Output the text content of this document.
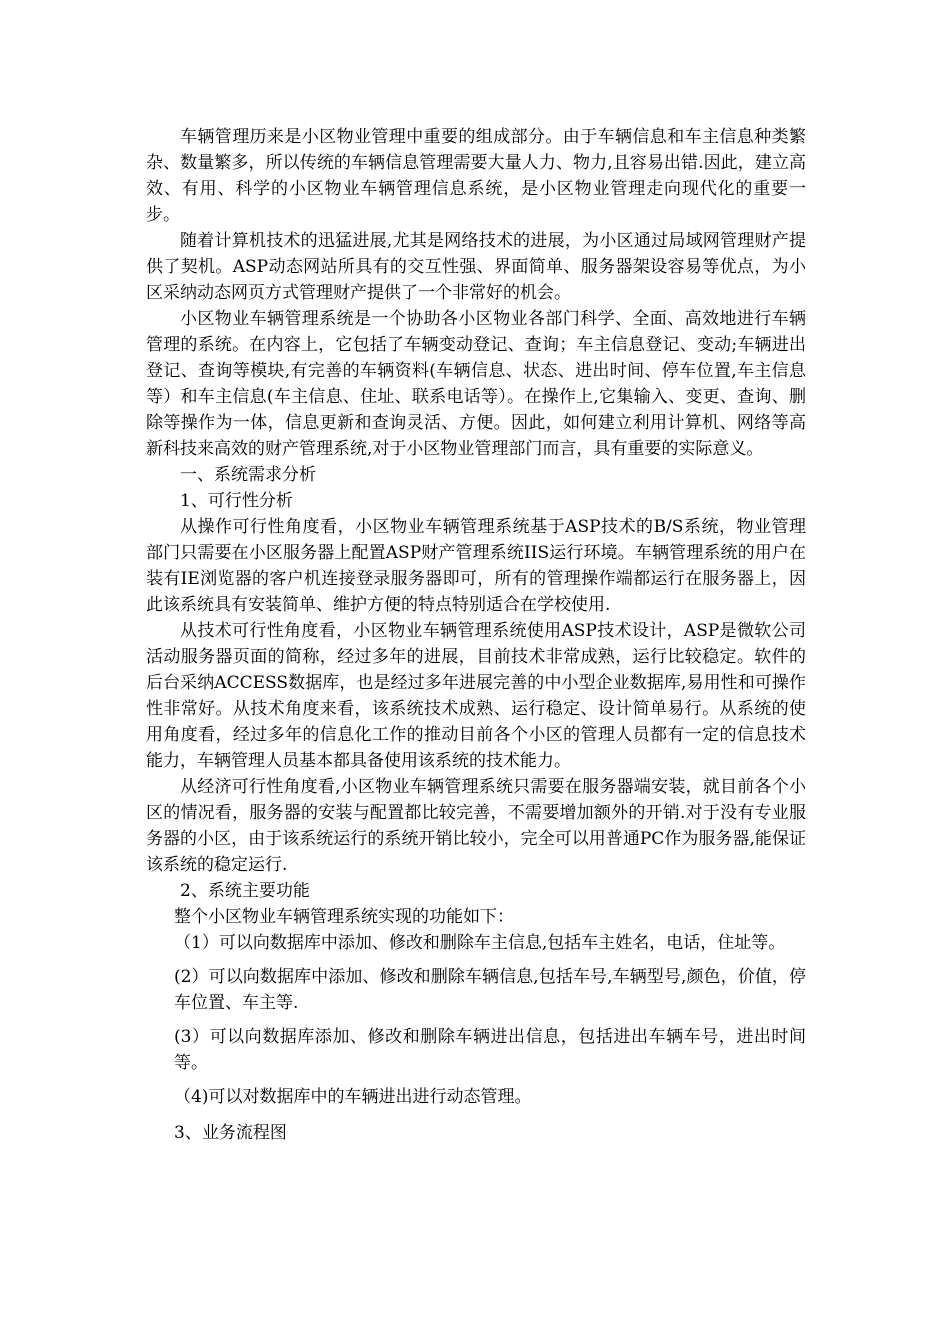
车辆管理历来是小区物业管理中重要的组成部分。由于车辆信息和车主信息种类繁杂、数量繁多，所以传统的车辆信息管理需要大量人力、物力,且容易出错.因此，建立高效、有用、科学的小区物业车辆管理信息系统，是小区物业管理走向现代化的重要一步。

随着计算机技术的迅猛进展,尤其是网络技术的进展，为小区通过局域网管理财产提供了契机。ASP动态网站所具有的交互性强、界面简单、服务器架设容易等优点，为小区采纳动态网页方式管理财产提供了一个非常好的机会。

小区物业车辆管理系统是一个协助各小区物业各部门科学、全面、高效地进行车辆管理的系统。在内容上，它包括了车辆变动登记、查询；车主信息登记、变动;车辆进出登记、查询等模块,有完善的车辆资料(车辆信息、状态、进出时间、停车位置,车主信息等）和车主信息(车主信息、住址、联系电话等）。在操作上,它集输入、变更、查询、删除等操作为一体，信息更新和查询灵活、方便。因此，如何建立利用计算机、网络等高新科技来高效的财产管理系统,对于小区物业管理部门而言，具有重要的实际意义。

一、系统需求分析

1、可行性分析

从操作可行性角度看，小区物业车辆管理系统基于ASP技术的B/S系统，物业管理部门只需要在小区服务器上配置ASP财产管理系统IIS运行环境。车辆管理系统的用户在装有IE浏览器的客户机连接登录服务器即可，所有的管理操作端都运行在服务器上，因此该系统具有安装简单、维护方便的特点特别适合在学校使用.

从技术可行性角度看，小区物业车辆管理系统使用ASP技术设计，ASP是微软公司活动服务器页面的简称，经过多年的进展，目前技术非常成熟，运行比较稳定。软件的后台采纳ACCESS数据库，也是经过多年进展完善的中小型企业数据库,易用性和可操作性非常好。从技术角度来看，该系统技术成熟、运行稳定、设计简单易行。从系统的使用角度看，经过多年的信息化工作的推动目前各个小区的管理人员都有一定的信息技术能力，车辆管理人员基本都具备使用该系统的技术能力。

从经济可行性角度看,小区物业车辆管理系统只需要在服务器端安装，就目前各个小区的情况看，服务器的安装与配置都比较完善，不需要增加额外的开销.对于没有专业服务器的小区，由于该系统运行的系统开销比较小，完全可以用普通PC作为服务器,能保证该系统的稳定运行.

2、系统主要功能

整个小区物业车辆管理系统实现的功能如下：

（1）可以向数据库中添加、修改和删除车主信息,包括车主姓名，电话，住址等。

(2）可以向数据库中添加、修改和删除车辆信息,包括车号,车辆型号,颜色，价值，停车位置、车主等.

(3）可以向数据库添加、修改和删除车辆进出信息，包括进出车辆车号，进出时间等。

（4)可以对数据库中的车辆进出进行动态管理。

3、业务流程图
